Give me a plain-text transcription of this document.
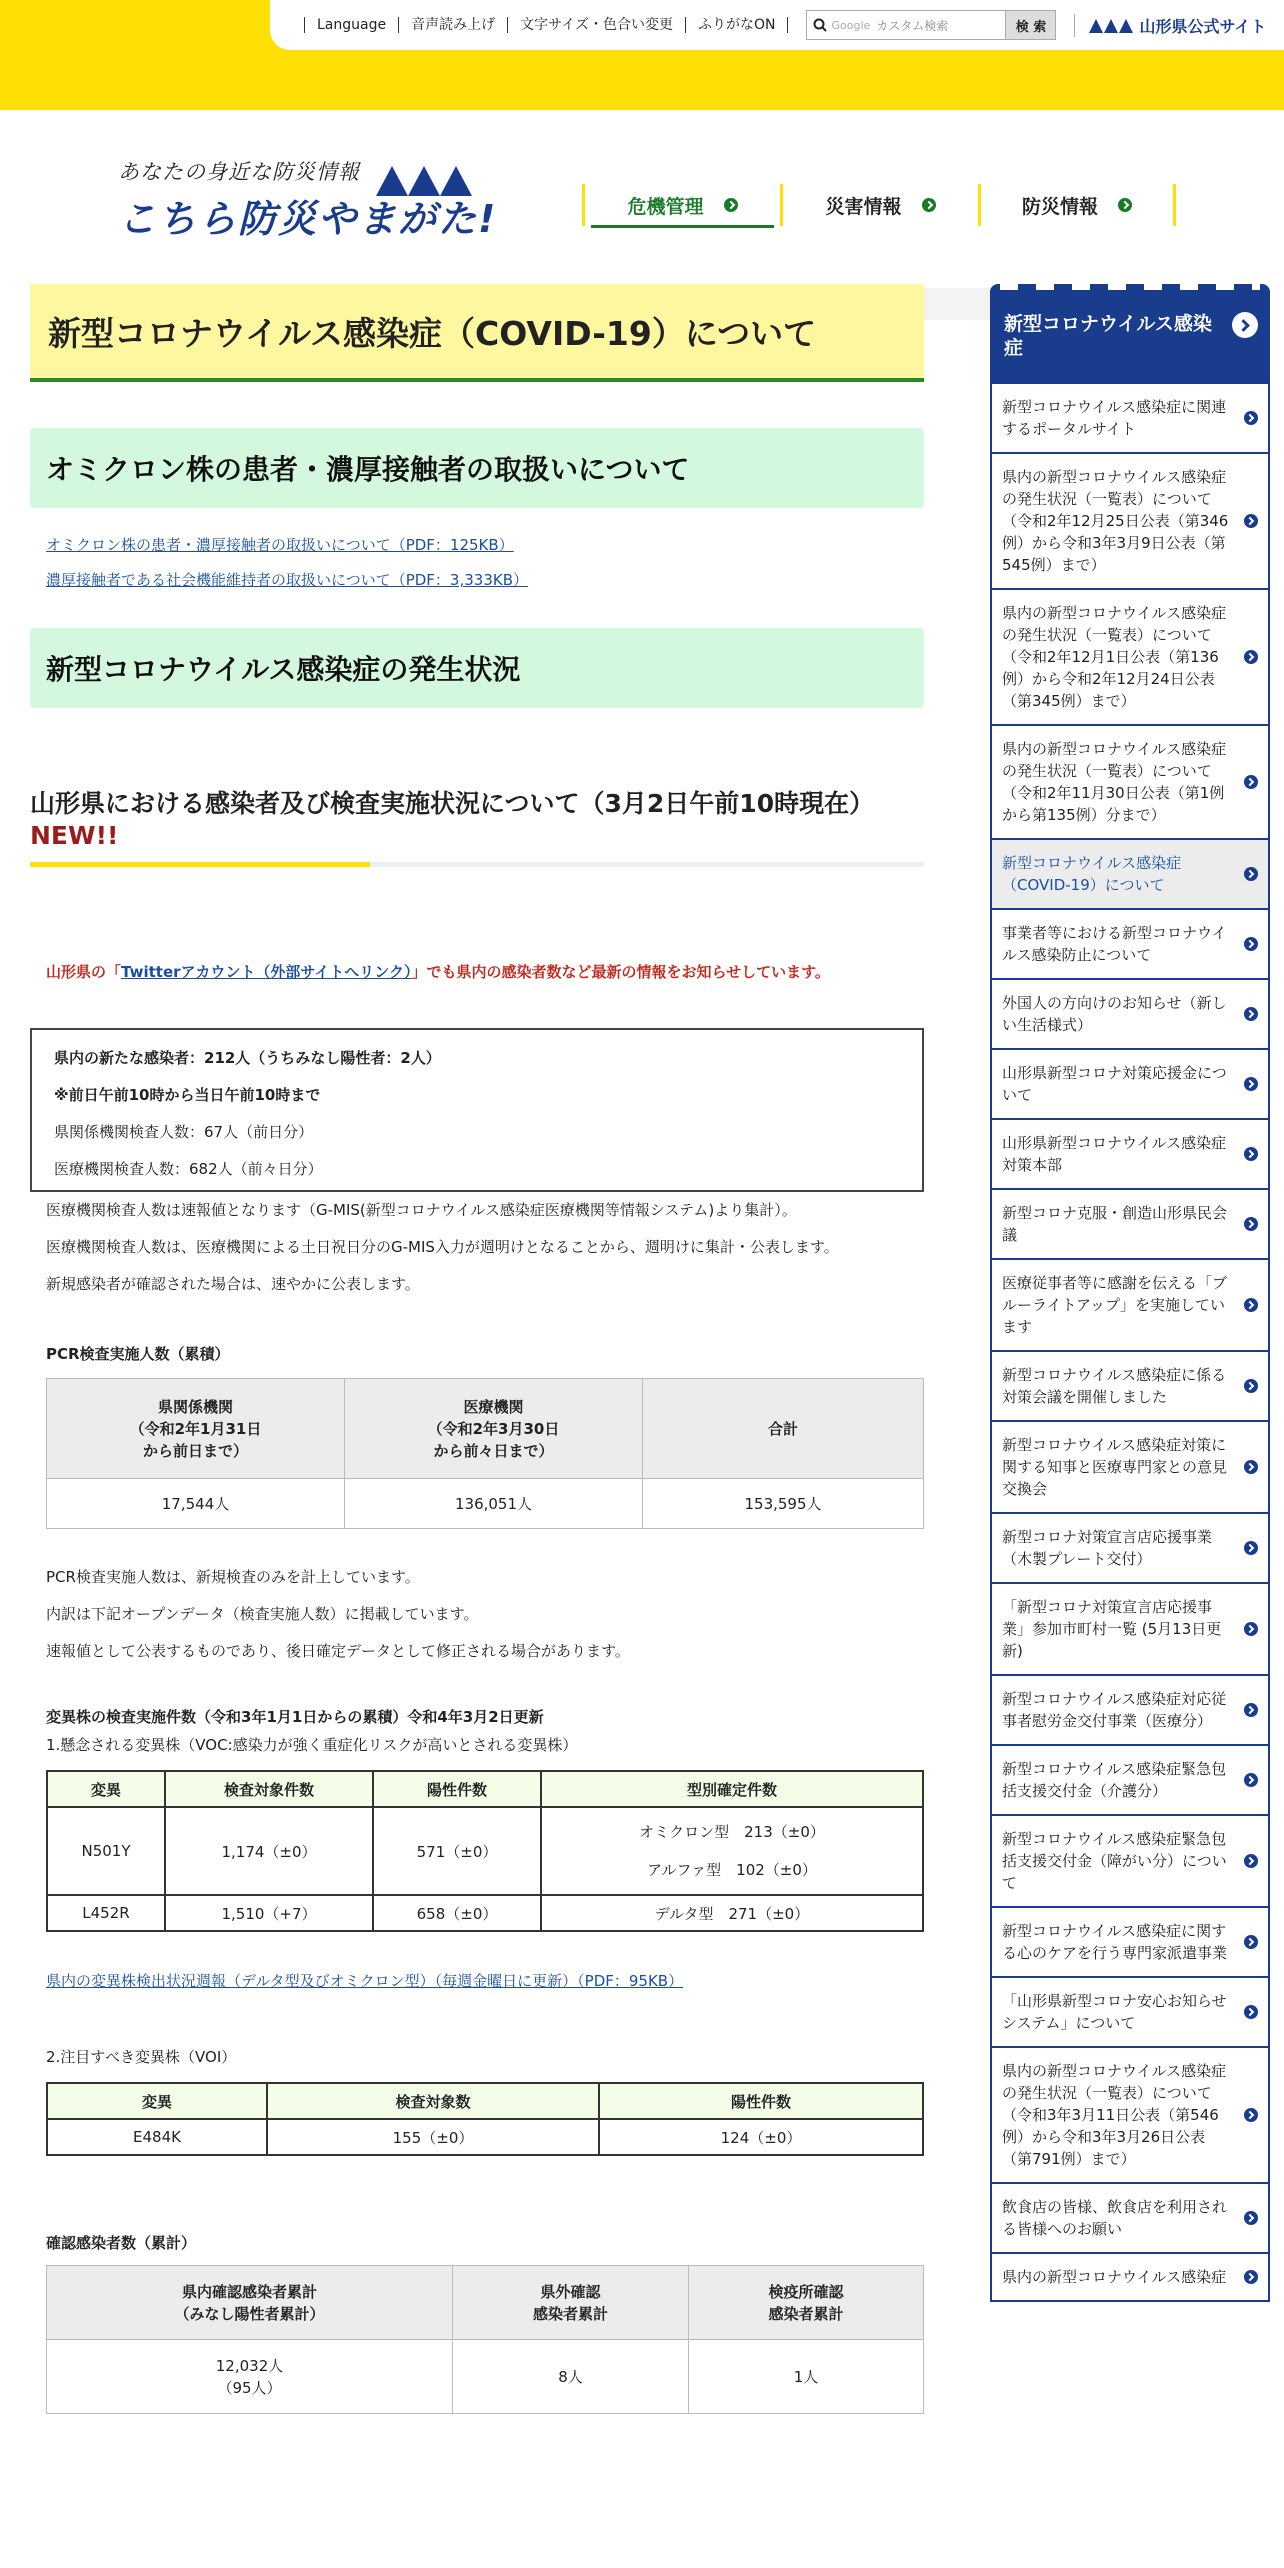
Language	音声読み上げ	文字サイズ・色合い変更	ふりがなON	Google カスタム検索	検 索	山形県公式サイト
あなたの身近な防災情報
こちら防災やまがた!	危機管理	災害情報	防災情報
新型コロナウイルス感染症（COVID-19）について
オミクロン株の患者・濃厚接触者の取扱いについて
オミクロン株の患者・濃厚接触者の取扱いについて（PDF：125KB）
濃厚接触者である社会機能維持者の取扱いについて（PDF：3,333KB）
新型コロナウイルス感染症の発生状況
山形県における感染者及び検査実施状況について（3月2日午前10時現在）
NEW!!
山形県の「Twitterアカウント（外部サイトへリンク）」でも県内の感染者数など最新の情報をお知らせしています。
県内の新たな感染者：212人（うちみなし陽性者：2人）
※前日午前10時から当日午前10時まで
県関係機関検査人数：67人（前日分）
医療機関検査人数：682人（前々日分）

医療機関検査人数は速報値となります（G-MIS(新型コロナウイルス感染症医療機関等情報システム)より集計）。

医療機関検査人数は、医療機関による土日祝日分のG-MIS入力が週明けとなることから、週明けに集計・公表します。

新規感染者が確認された場合は、速やかに公表します。

PCR検査実施人数（累積）
県関係機関
（令和2年1月31日
から前日まで）	医療機関
（令和2年3月30日
から前々日まで）	合計
17,544人	136,051人	153,595人

PCR検査実施人数は、新規検査のみを計上しています。

内訳は下記オープンデータ（検査実施人数）に掲載しています。

速報値として公表するものであり、後日確定データとして修正される場合があります。

変異株の検査実施件数（令和3年1月1日からの累積）令和4年3月2日更新

1.懸念される変異株（VOC:感染力が強く重症化リスクが高いとされる変異株）

変異	検査対象件数	陽性件数	型別確定件数
N501Y	1,174（±0）	571（±0）	オミクロン型　213（±0）
アルファ型　102（±0）
L452R	1,510（+7）	658（±0）	デルタ型　271（±0）
県内の変異株検出状況週報（デルタ型及びオミクロン型）（毎週金曜日に更新）（PDF：95KB）

2.注目すべき変異株（VOI）

変異	検査対象数	陽性件数
E484K	155（±0）	124（±0）
確認感染者数（累計）
県内確認感染者累計
（みなし陽性者累計）	県外確認
感染者累計	検疫所確認
感染者累計
12,032人
（95人）	8人	1人
新型コロナウイルス感染症
新型コロナウイルス感染症に関連するポータルサイト
県内の新型コロナウイルス感染症の発生状況（一覧表）について（令和2年12月25日公表（第346例）から令和3年3月9日公表（第545例）まで）
県内の新型コロナウイルス感染症の発生状況（一覧表）について（令和2年12月1日公表（第136例）から令和2年12月24日公表（第345例）まで）
県内の新型コロナウイルス感染症の発生状況（一覧表）について（令和2年11月30日公表（第1例から第135例）分まで）
新型コロナウイルス感染症（COVID-19）について
事業者等における新型コロナウイルス感染防止について
外国人の方向けのお知らせ（新しい生活様式）
山形県新型コロナ対策応援金について
山形県新型コロナウイルス感染症対策本部
新型コロナ克服・創造山形県民会議
医療従事者等に感謝を伝える「ブルーライトアップ」を実施しています
新型コロナウイルス感染症に係る対策会議を開催しました
新型コロナウイルス感染症対策に関する知事と医療専門家との意見交換会
新型コロナ対策宣言店応援事業（木製プレート交付）
「新型コロナ対策宣言店応援事業」参加市町村一覧 (5月13日更新)
新型コロナウイルス感染症対応従事者慰労金交付事業（医療分）
新型コロナウイルス感染症緊急包括支援交付金（介護分）
新型コロナウイルス感染症緊急包括支援交付金（障がい分）について
新型コロナウイルス感染症に関する心のケアを行う専門家派遣事業
「山形県新型コロナ安心お知らせシステム」について
県内の新型コロナウイルス感染症の発生状況（一覧表）について（令和3年3月11日公表（第546例）から令和3年3月26日公表（第791例）まで）
飲食店の皆様、飲食店を利用される皆様へのお願い
県内の新型コロナウイルス感染症
